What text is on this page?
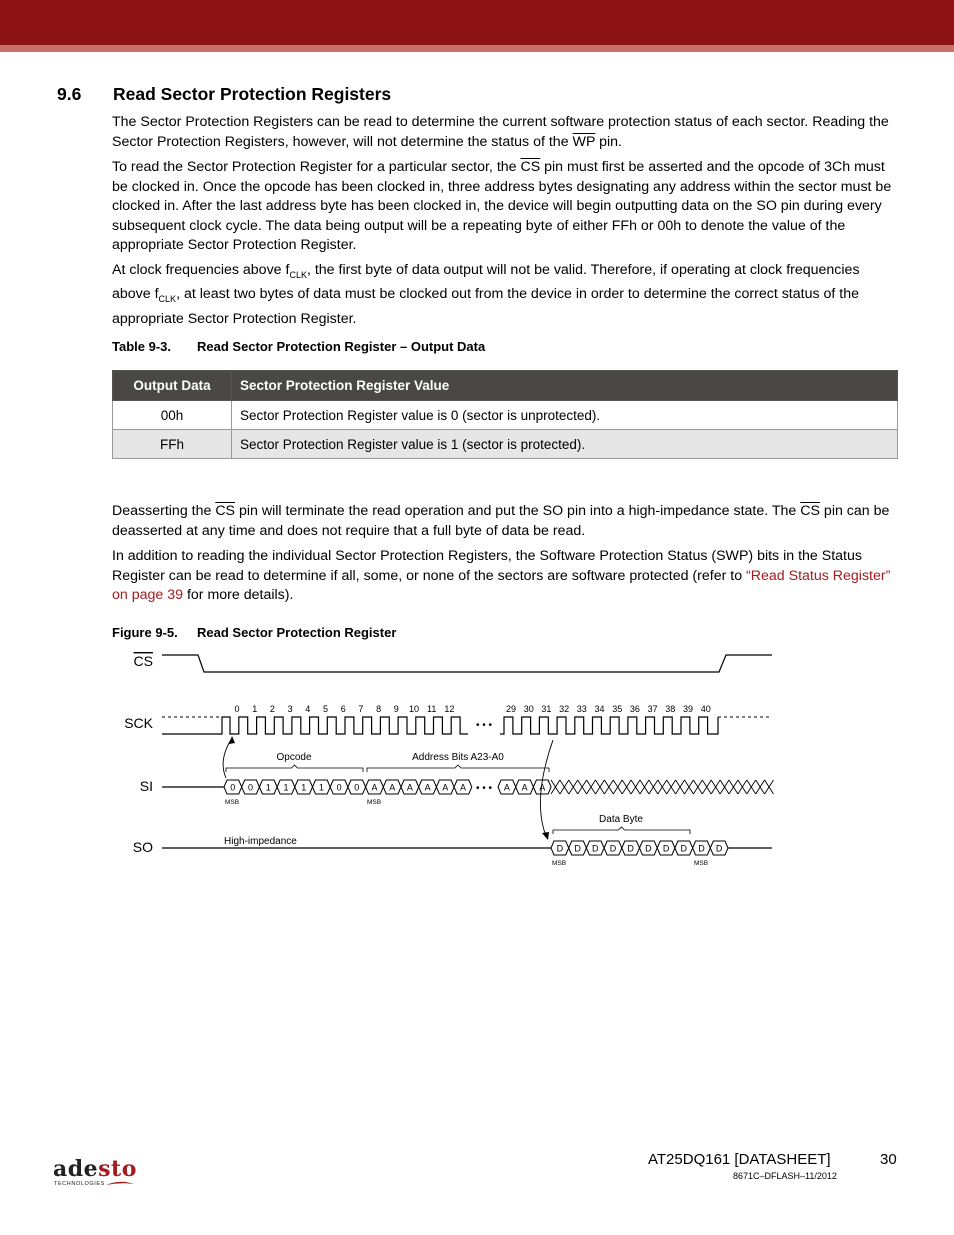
9.6 Read Sector Protection Registers

The Sector Protection Registers can be read to determine the current software protection status of each sector. Reading the Sector Protection Registers, however, will not determine the status of the $\overline{WP}$ pin.

To read the Sector Protection Register for a particular sector, the $\overline{CS}$ pin must first be asserted and the opcode of 3Ch must be clocked in. Once the opcode has been clocked in, three address bytes designating any address within the sector must be clocked in. After the last address byte has been clocked in, the device will begin outputting data on the SO pin during every subsequent clock cycle. The data being output will be a repeating byte of either FFh or 00h to denote the value of the appropriate Sector Protection Register.

At clock frequencies above $f_{CLK}$, the first byte of data output will not be valid. Therefore, if operating at clock frequencies above $f_{CLK}$, at least two bytes of data must be clocked out from the device in order to determine the correct status of the appropriate Sector Protection Register.

Table 9-3. Read Sector Protection Register – Output Data
Output Data	Sector Protection Register Value
00h	Sector Protection Register value is 0 (sector is unprotected).
FFh	Sector Protection Register value is 1 (sector is protected).

Deasserting the $\overline{CS}$ pin will terminate the read operation and put the SO pin into a high-impedance state. The $\overline{CS}$ pin can be deasserted at any time and does not require that a full byte of data be read.

In addition to reading the individual Sector Protection Registers, the Software Protection Status (SWP) bits in the Status Register can be read to determine if all, some, or none of the sectors are software protected (refer to “Read Status Register” on page 39 for more details).

Figure 9-5. Read Sector Protection Register
CS
SCK
SI
SO
Opcode	Address Bits A23-A0
Data Byte
High-impedance
MSB	MSB
MSB	MSB
• • •
• • •
0 1 2 3 4 5 6 7 8 9 10 11 12	29 30 31 32 33 34 35 36 37 38 39 40
0 0 1 1 1 1 0 0 A A A A A A	A A A
D D D D D D D D D D
AT25DQ161 [DATASHEET]	30
8671C–DFLASH–11/2012
adesto
TECHNOLOGIES
